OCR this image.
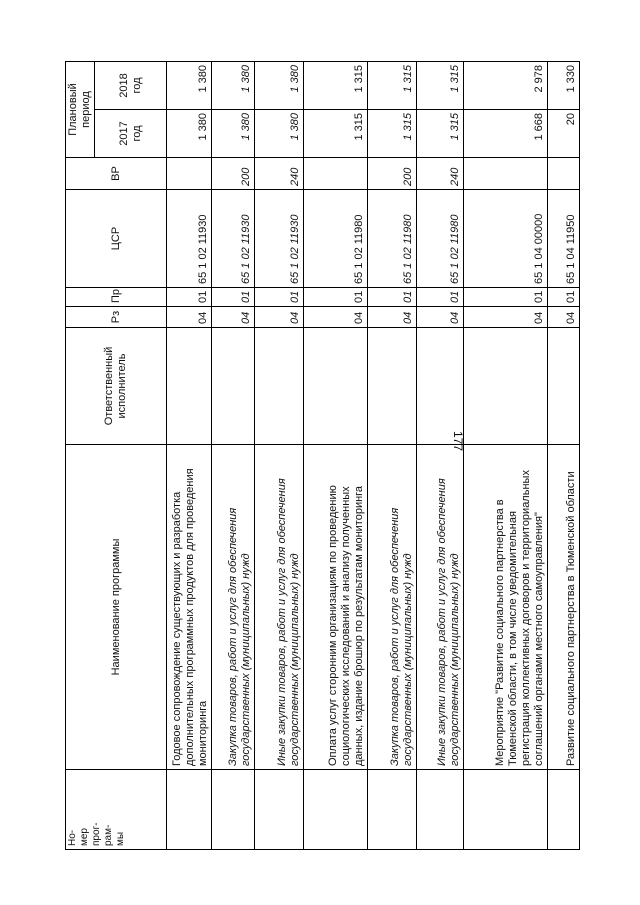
177
Но-
мер
прог-
рам-
мы	Наименование программы	Ответственный исполнитель	Рз	Пр	ЦСР	ВР	Плановый период	
							2017 год	2018 год
	Годовое сопровождение существующих и разработка дополнительных программных продуктов для проведения мониторинга		04	01	65 1 02 11930		1 380	1 380
	Закупка товаров, работ и услуг для обеспечения государственных (муниципальных) нужд		04	01	65 1 02 11930	200	1 380	1 380
	Иные закупки товаров, работ и услуг для обеспечения государственных (муниципальных) нужд		04	01	65 1 02 11930	240	1 380	1 380
	Оплата услуг сторонним организациям по проведению социологических исследований и анализу полученных данных, издание брошюр по результатам мониторинга		04	01	65 1 02 11980		1 315	1 315
	Закупка товаров, работ и услуг для обеспечения государственных (муниципальных) нужд		04	01	65 1 02 11980	200	1 315	1 315
	Иные закупки товаров, работ и услуг для обеспечения государственных (муниципальных) нужд		04	01	65 1 02 11980	240	1 315	1 315
	Мероприятие "Развитие социального партнерства в Тюменской области, в том числе уведомительная регистрация коллективных договоров и территориальных соглашений органами местного самоуправления"		04	01	65 1 04 00000		1 668	2 978
	Развитие социального партнерства в Тюменской области		04	01	65 1 04 11950		20	1 330
